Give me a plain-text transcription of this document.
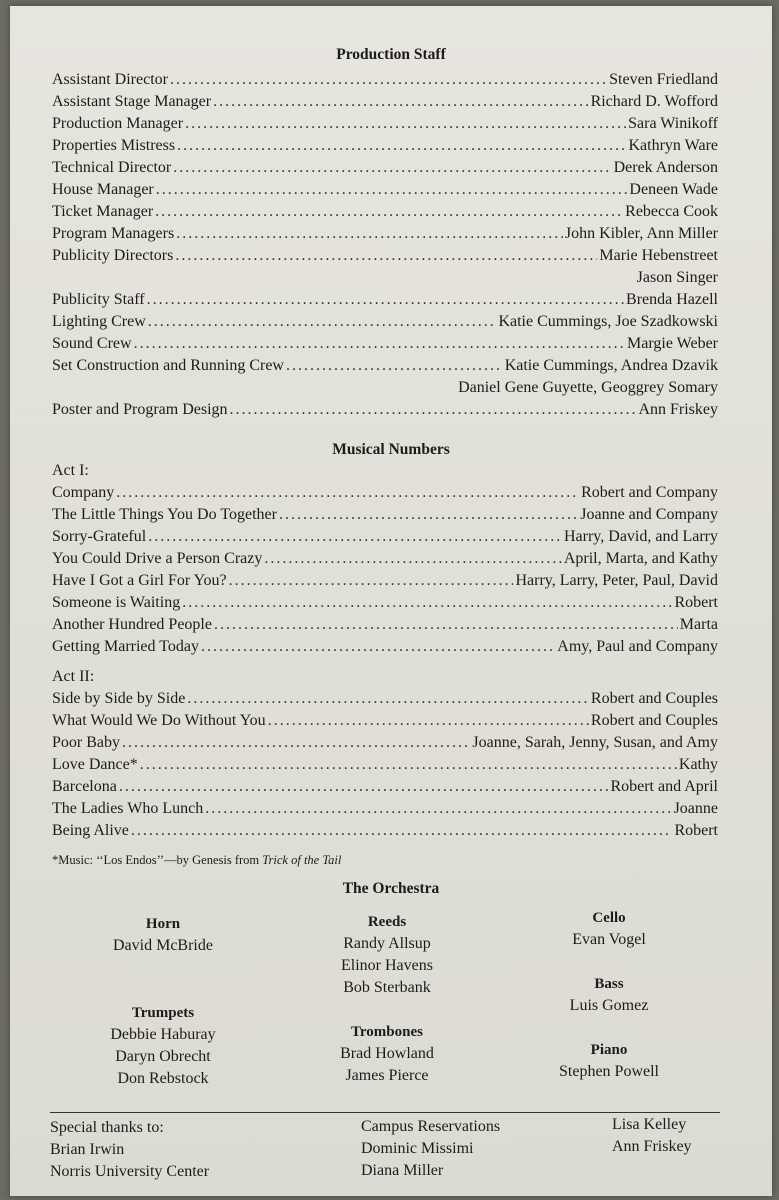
Production Staff
Assistant Director .....	Steven Friedland
Assistant Stage Manager .....	Richard D. Wofford
Production Manager .....	Sara Winikoff
Properties Mistress .....	Kathryn Ware
Technical Director .....	Derek Anderson
House Manager .....	Deneen Wade
Ticket Manager .....	Rebecca Cook
Program Managers .....	John Kibler, Ann Miller
Publicity Directors .....	Marie Hebenstreet
Jason Singer
Publicity Staff .....	Brenda Hazell
Lighting Crew .....	Katie Cummings, Joe Szadkowski
Sound Crew .....	Margie Weber
Set Construction and Running Crew .....	Katie Cummings, Andrea Dzavik
Daniel Gene Guyette, Geoggrey Somary
Poster and Program Design .....	Ann Friskey
Musical Numbers
Act I:
Company .....	Robert and Company
The Little Things You Do Together .....	Joanne and Company
Sorry-Grateful .....	Harry, David, and Larry
You Could Drive a Person Crazy .....	April, Marta, and Kathy
Have I Got a Girl For You? .....	Harry, Larry, Peter, Paul, David
Someone is Waiting .....	Robert
Another Hundred People .....	Marta
Getting Married Today .....	Amy, Paul and Company
Act II:
Side by Side by Side .....	Robert and Couples
What Would We Do Without You .....	Robert and Couples
Poor Baby .....	Joanne, Sarah, Jenny, Susan, and Amy
Love Dance* .....	Kathy
Barcelona .....	Robert and April
The Ladies Who Lunch .....	Joanne
Being Alive .....	Robert
*Music: ‘‘Los Endos’’—by Genesis from Trick of the Tail
The Orchestra
Horn
David McBride
Trumpets
Debbie Haburay
Daryn Obrecht
Don Rebstock
Reeds
Randy Allsup
Elinor Havens
Bob Sterbank
Trombones
Brad Howland
James Pierce
Cello
Evan Vogel
Bass
Luis Gomez
Piano
Stephen Powell
Special thanks to:
Brian Irwin
Norris University Center
Campus Reservations
Dominic Missimi
Diana Miller
Lisa Kelley
Ann Friskey
